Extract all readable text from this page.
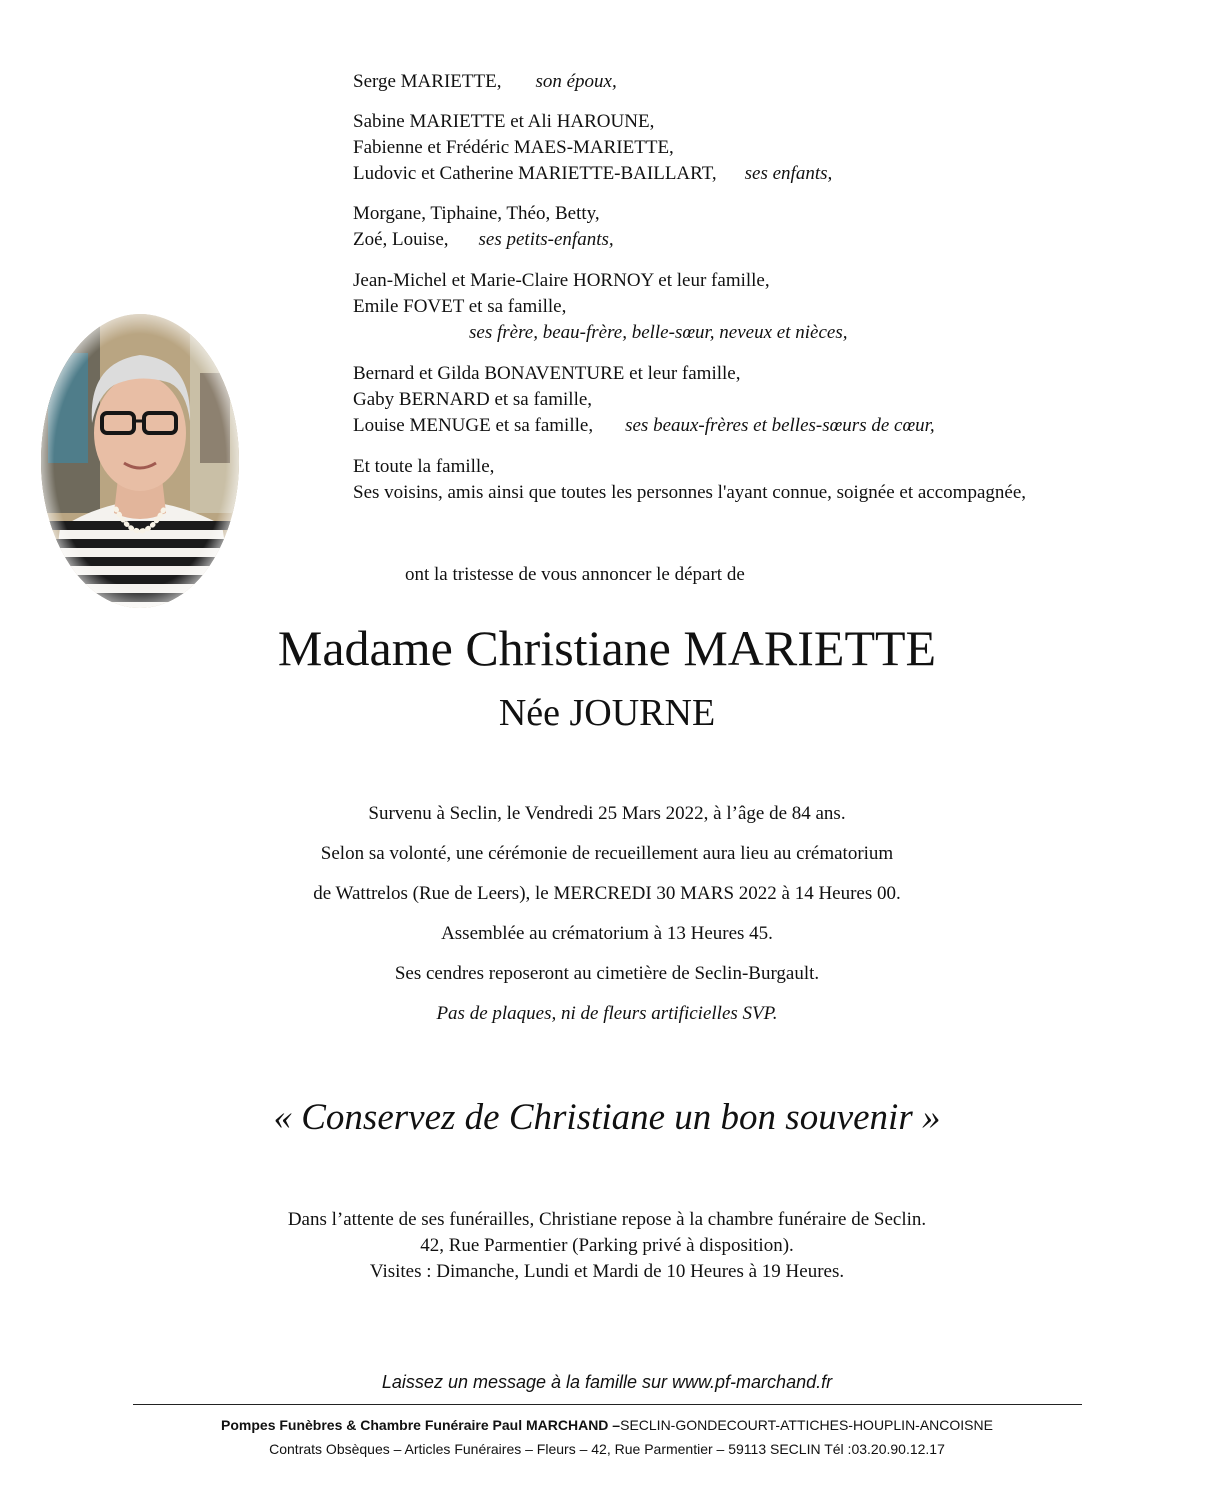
Serge MARIETTE, son époux,
Sabine MARIETTE et Ali HAROUNE,
Fabienne et Frédéric MAES-MARIETTE,
Ludovic et Catherine MARIETTE-BAILLART, ses enfants,
Morgane, Tiphaine, Théo, Betty,
Zoé, Louise, ses petits-enfants,
Jean-Michel et Marie-Claire HORNOY et leur famille,
Emile FOVET et sa famille,
ses frère, beau-frère, belle-sœur, neveux et nièces,
Bernard et Gilda BONAVENTURE et leur famille,
Gaby BERNARD et sa famille,
Louise MENUGE et sa famille, ses beaux-frères et belles-sœurs de cœur,
Et toute la famille,
Ses voisins, amis ainsi que toutes les personnes l'ayant connue, soignée et accompagnée,
ont la tristesse de vous annoncer le départ de
Madame Christiane MARIETTE
Née JOURNE
Survenu à Seclin, le Vendredi 25 Mars 2022, à l’âge de 84 ans.
Selon sa volonté, une cérémonie de recueillement aura lieu au crématorium
de Wattrelos (Rue de Leers), le MERCREDI 30 MARS 2022 à 14 Heures 00.
Assemblée au crématorium à 13 Heures 45.
Ses cendres reposeront au cimetière de Seclin-Burgault.
Pas de plaques, ni de fleurs artificielles SVP.
« Conservez de Christiane un bon souvenir »
Dans l’attente de ses funérailles, Christiane repose à la chambre funéraire de Seclin.
42, Rue Parmentier (Parking privé à disposition).
Visites : Dimanche, Lundi et Mardi de 10 Heures à 19 Heures.
Laissez un message à la famille sur www.pf-marchand.fr
Pompes Funèbres & Chambre Funéraire Paul MARCHAND –SECLIN-GONDECOURT-ATTICHES-HOUPLIN-ANCOISNE
Contrats Obsèques – Articles Funéraires – Fleurs – 42, Rue Parmentier – 59113 SECLIN Tél :03.20.90.12.17
